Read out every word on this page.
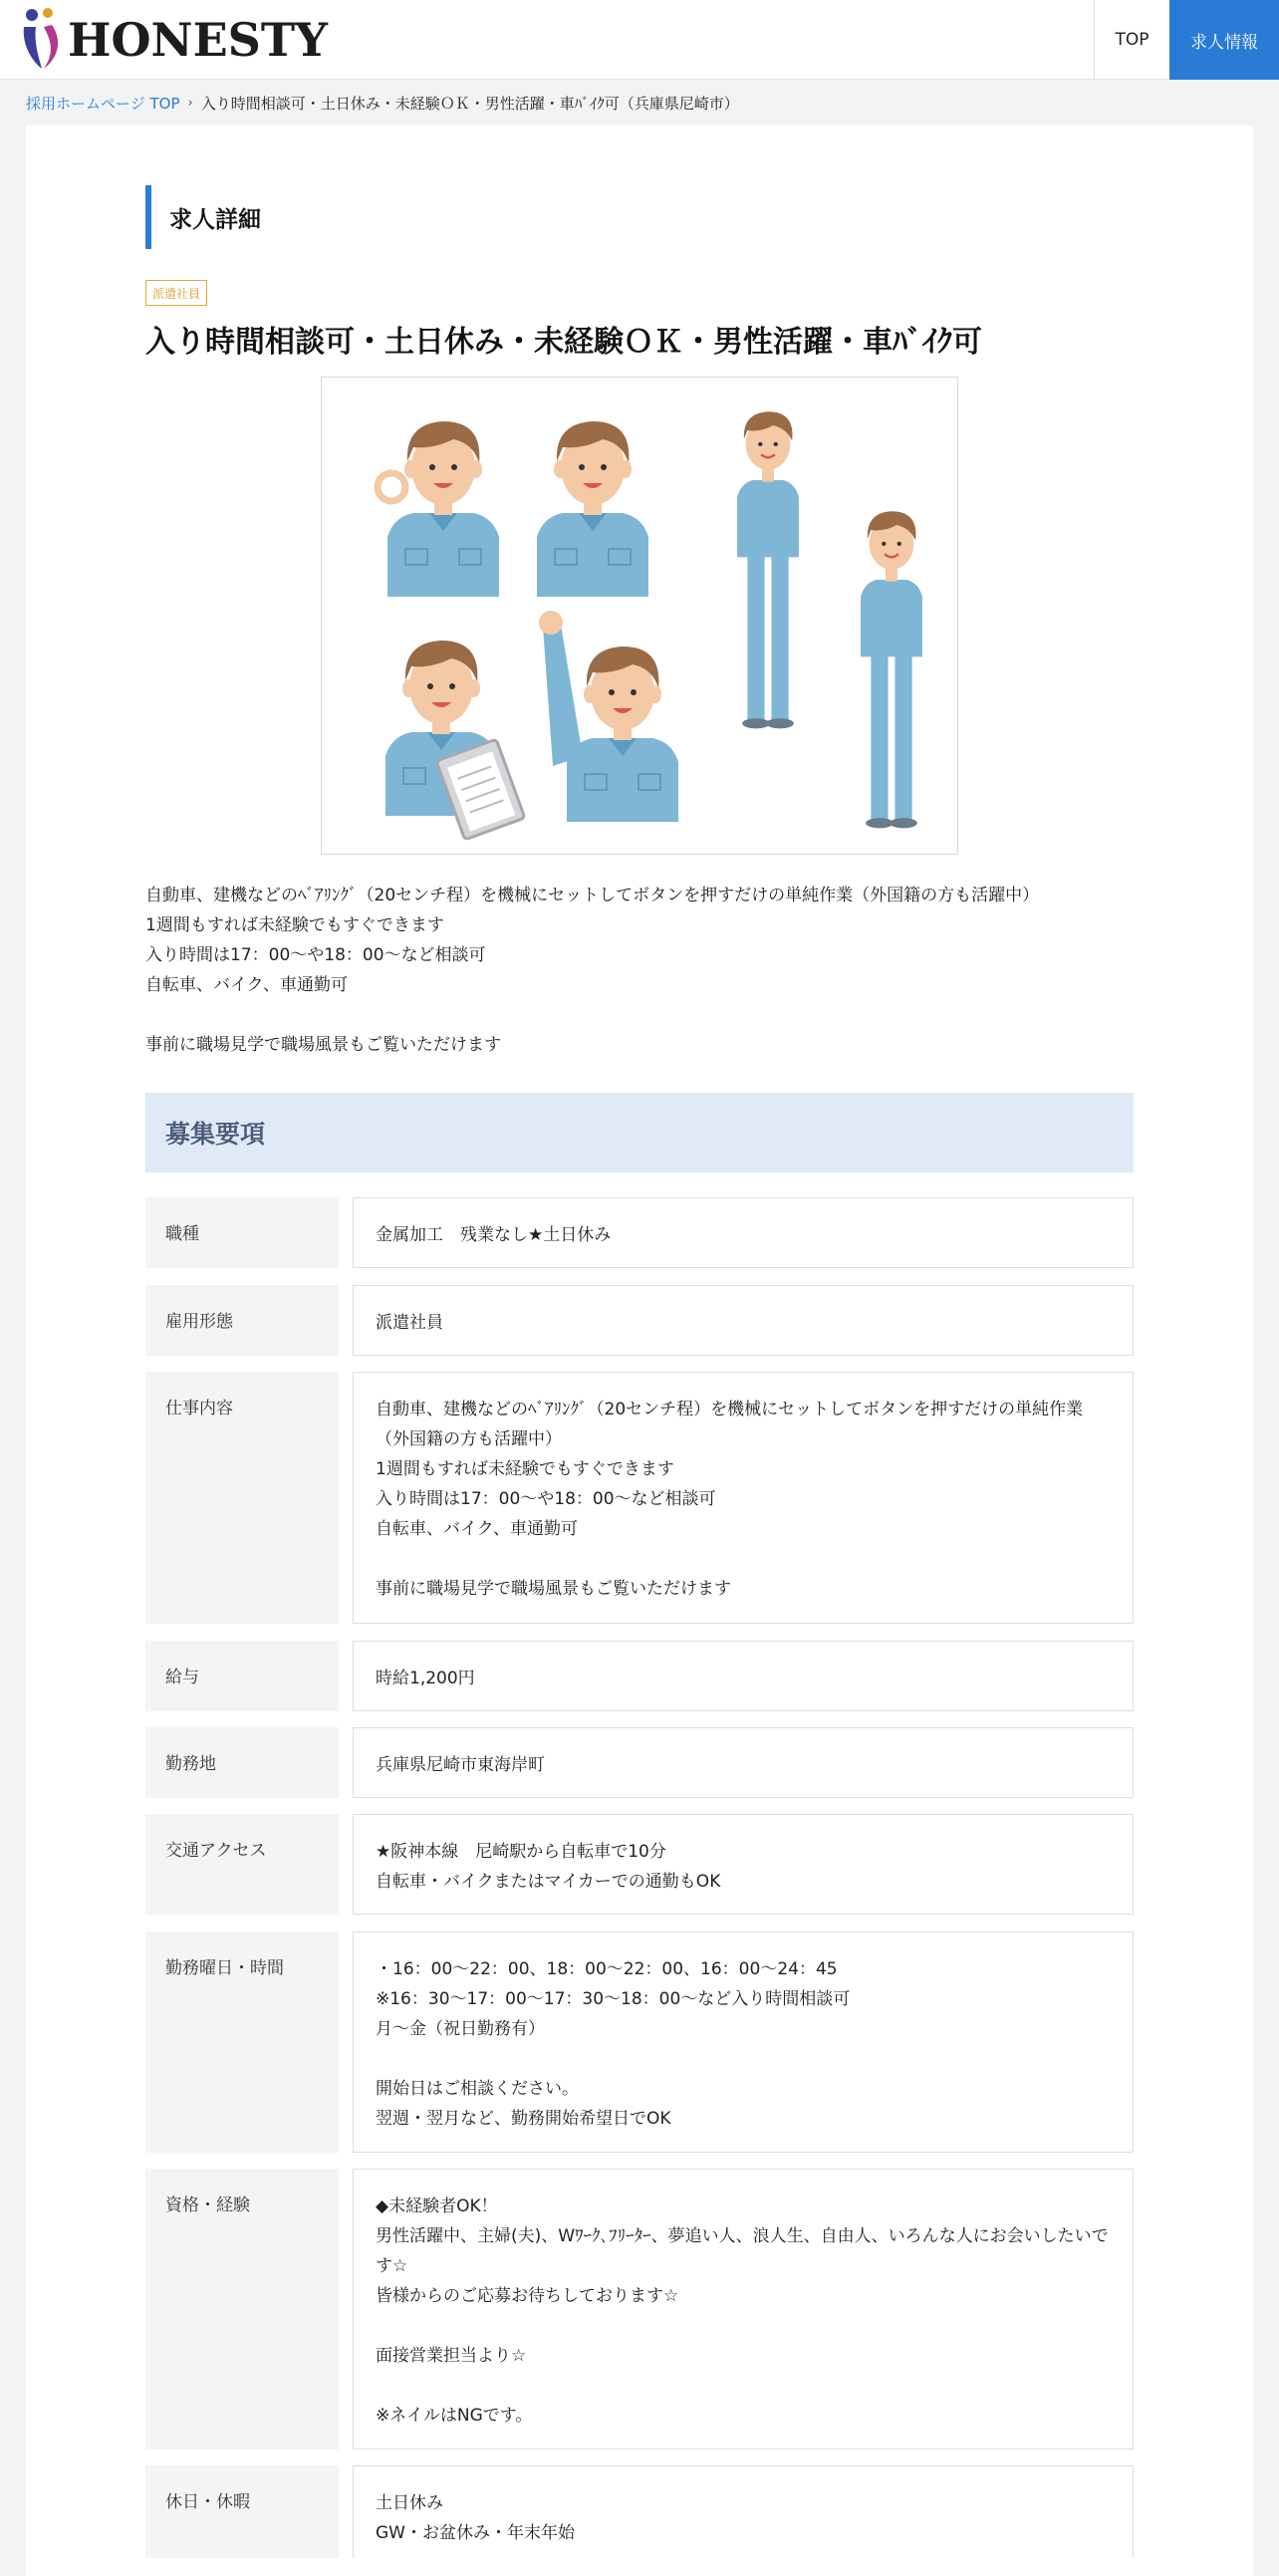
HONESTY	TOP	求人情報
採用ホームページ TOP › 入り時間相談可・土日休み・未経験ＯＫ・男性活躍・車ﾊﾞｲｸ可（兵庫県尼崎市）
求人詳細
派遣社員
入り時間相談可・土日休み・未経験ＯＫ・男性活躍・車ﾊﾞｲｸ可
自動車、建機などのﾍﾞｱﾘﾝｸﾞ（20センチ程）を機械にセットしてボタンを押すだけの単純作業（外国籍の方も活躍中）
1週間もすれば未経験でもすぐできます
入り時間は17：00～や18：00～など相談可
自転車、バイク、車通勤可
事前に職場見学で職場風景もご覧いただけます
募集要項
職種	金属加工　残業なし★土日休み
雇用形態	派遣社員
仕事内容	自動車、建機などのﾍﾞｱﾘﾝｸﾞ（20センチ程）を機械にセットしてボタンを押すだけの単純作業
（外国籍の方も活躍中）
1週間もすれば未経験でもすぐできます
入り時間は17：00～や18：00～など相談可
自転車、バイク、車通勤可
事前に職場見学で職場風景もご覧いただけます
給与	時給1,200円
勤務地	兵庫県尼崎市東海岸町
交通アクセス	★阪神本線　尼崎駅から自転車で10分
自転車・バイクまたはマイカーでの通勤もOK
勤務曜日・時間	・16：00～22：00、18：00～22：00、16：00～24：45
※16：30～17：00～17：30～18：00～など入り時間相談可
月～金（祝日勤務有）
開始日はご相談ください。
翌週・翌月など、勤務開始希望日でOK
資格・経験	◆未経験者OK！
男性活躍中、主婦(夫)、Wﾜｰｸ､ﾌﾘｰﾀｰ、夢追い人、浪人生、自由人、いろんな人にお会いしたいで
す☆
皆様からのご応募お待ちしております☆
面接営業担当より☆
※ネイルはNGです。
休日・休暇	土日休み
GW・お盆休み・年末年始
